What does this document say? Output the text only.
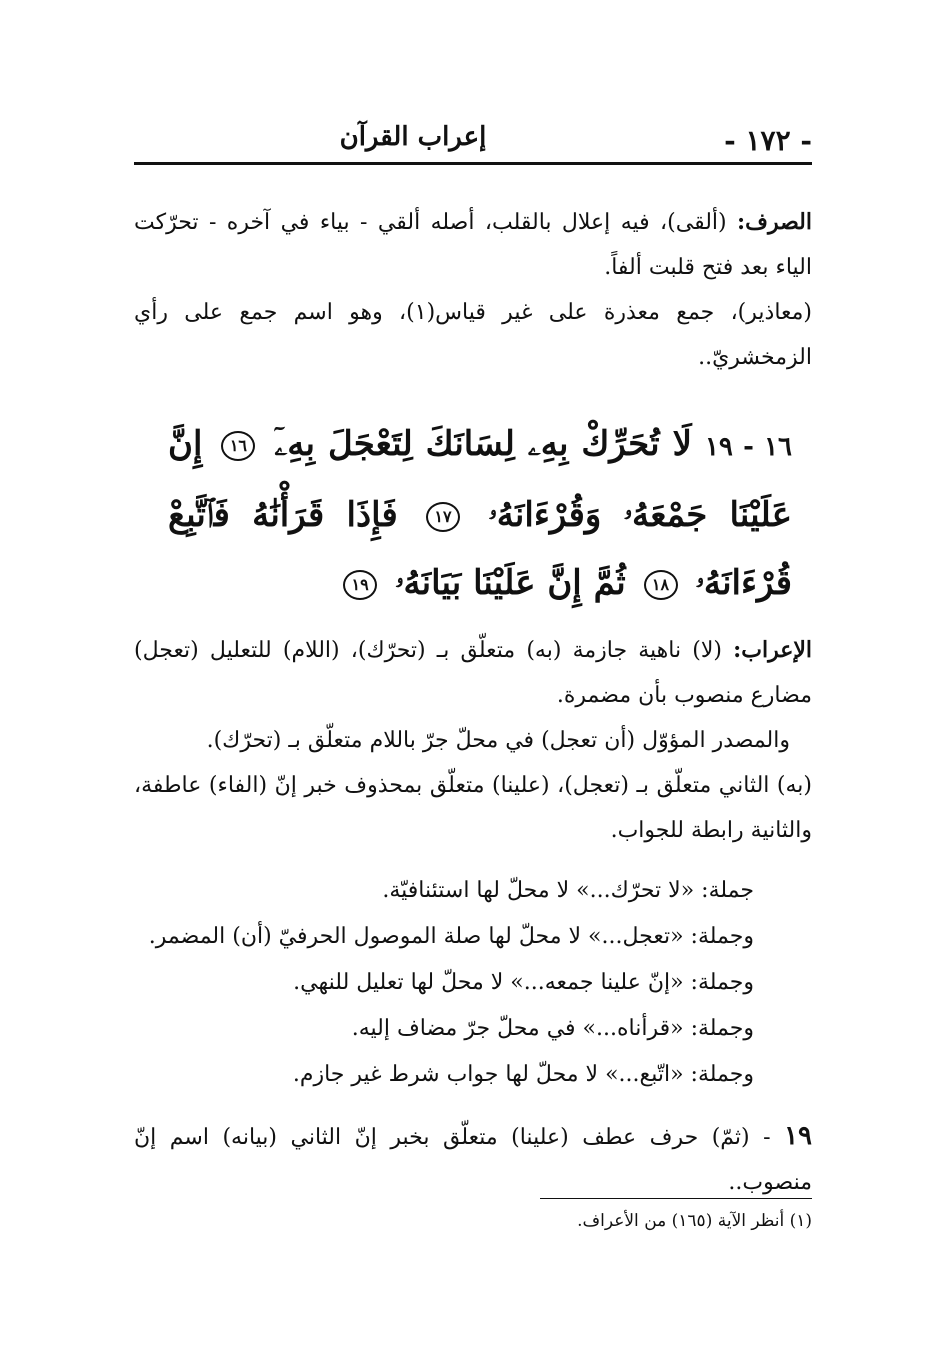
- ١٧٢ -
إعراب القرآن

الصرف: (ألقى)، فيه إعلال بالقلب، أصله ألقي - بياء في آخره - تحرّكت الياء بعد فتح قلبت ألفاً.

(معاذير)، جمع معذرة على غير قياس(١)، وهو اسم جمع على رأي الزمخشريّ..

١٦ - ١٩ لَا تُحَرِّكْ بِهِۦ لِسَانَكَ لِتَعْجَلَ بِهِۦٓ ١٦ إِنَّ عَلَيْنَا جَمْعَهُۥ وَقُرْءَانَهُۥ ١٧ فَإِذَا قَرَأْنَٰهُ فَٱتَّبِعْ قُرْءَانَهُۥ ١٨ ثُمَّ إِنَّ عَلَيْنَا بَيَانَهُۥ ١٩

الإعراب: (لا) ناهية جازمة (به) متعلّق بـ (تحرّك)، (اللام) للتعليل (تعجل) مضارع منصوب بأن مضمرة.

والمصدر المؤوّل (أن تعجل) في محلّ جرّ باللام متعلّق بـ (تحرّك).

(به) الثاني متعلّق بـ (تعجل)، (علينا) متعلّق بمحذوف خبر إنّ (الفاء) عاطفة، والثانية رابطة للجواب.

جملة: «لا تحرّك...» لا محلّ لها استئنافيّة.
وجملة: «تعجل...» لا محلّ لها صلة الموصول الحرفيّ (أن) المضمر.
وجملة: «إنّ علينا جمعه...» لا محلّ لها تعليل للنهي.
وجملة: «قرأناه...» في محلّ جرّ مضاف إليه.
وجملة: «اتّبع...» لا محلّ لها جواب شرط غير جازم.

١٩ - (ثمّ) حرف عطف (علينا) متعلّق بخبر إنّ الثاني (بيانه) اسم إنّ منصوب..

(١) أنظر الآية (١٦٥) من الأعراف.
